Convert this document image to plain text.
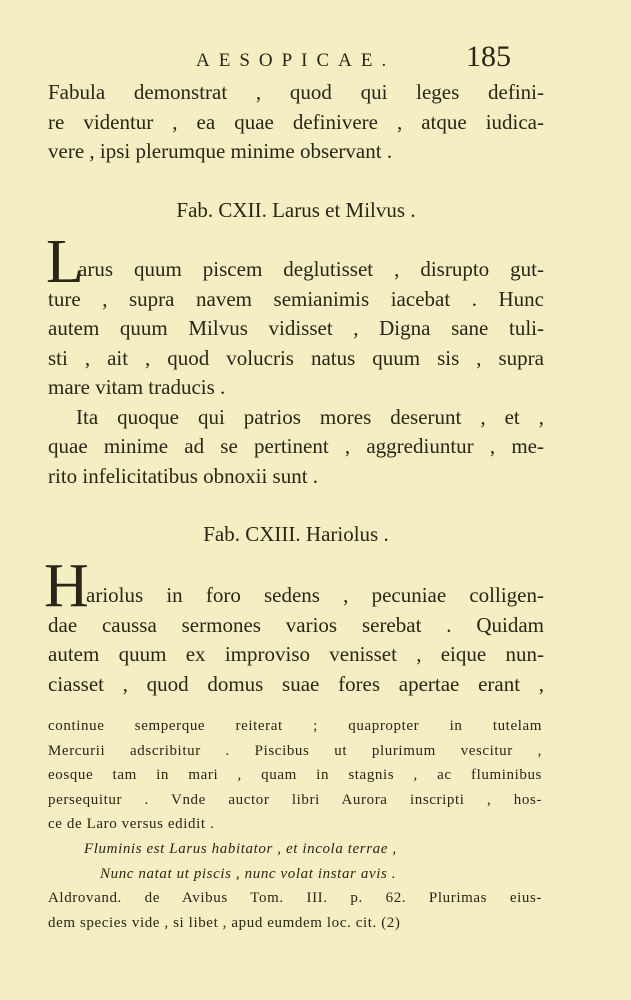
AESOPICAE. 185
Fabula demonstrat , quod qui leges defini-
re videntur , ea quae definivere , atque iudica-
vere , ipsi plerumque minime observant .
Fab. CXII. Larus et Milvus .
L
arus quum piscem deglutisset , disrupto gut-
ture , supra navem semianimis iacebat . Hunc
autem quum Milvus vidisset , Digna sane tuli-
sti , ait , quod volucris natus quum sis , supra
mare vitam traducis .
Ita quoque qui patrios mores deserunt , et ,
quae minime ad se pertinent , aggrediuntur , me-
rito infelicitatibus obnoxii sunt .
Fab. CXIII. Hariolus .
H
ariolus in foro sedens , pecuniae colligen-
dae caussa sermones varios serebat . Quidam
autem quum ex improviso venisset , eique nun-
ciasset , quod domus suae fores apertae erant ,
continue semperque reiterat ; quapropter in tutelam
Mercurii adscribitur . Piscibus ut plurimum vescitur ,
eosque tam in mari , quam in stagnis , ac fluminibus
persequitur . Vnde auctor libri Aurora inscripti , hos-
ce de Laro versus edidit .
Fluminis est Larus habitator , et incola terrae ,
Nunc natat ut piscis , nunc volat instar avis .
Aldrovand. de Avibus Tom. III. p. 62. Plurimas eius-
dem species vide , si libet , apud eumdem loc. cit. (2)
